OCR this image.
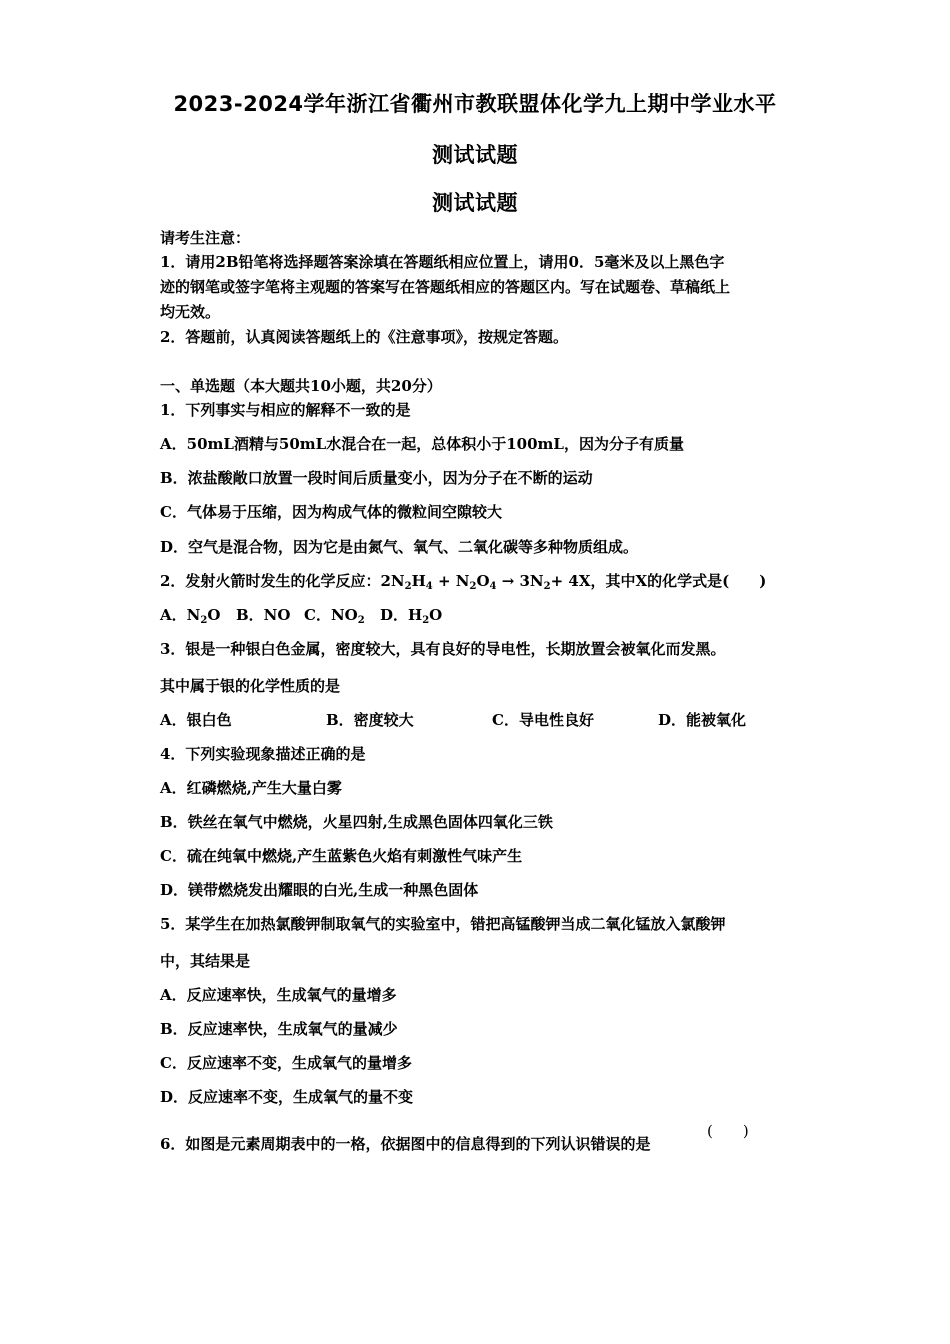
2023-2024学年浙江省衢州市教联盟体化学九上期中学业水平
测试试题
测试试题
请考生注意：
1．请用2B铅笔将选择题答案涂填在答题纸相应位置上，请用0．5毫米及以上黑色字
迹的钢笔或签字笔将主观题的答案写在答题纸相应的答题区内。写在试题卷、草稿纸上
均无效。
2．答题前，认真阅读答题纸上的《注意事项》，按规定答题。
一、单选题（本大题共10小题，共20分）
1．下列事实与相应的解释不一致的是
A．50mL酒精与50mL水混合在一起，总体积小于100mL，因为分子有质量
B．浓盐酸敞口放置一段时间后质量变小，因为分子在不断的运动
C．气体易于压缩，因为构成气体的微粒间空隙较大
D．空气是混合物，因为它是由氮气、氧气、二氧化碳等多种物质组成。
2．发射火箭时发生的化学反应：$2N_2H_4 + N_2O_4 \to 3N_2+ 4X$，其中X的化学式是(　　)
A．$N_2O$ B．NO C．$NO_2$ D．$H_2O$
3．银是一种银白色金属，密度较大，具有良好的导电性，长期放置会被氧化而发黑。
其中属于银的化学性质的是
A．银白色	B．密度较大	C．导电性良好	D．能被氧化
4．下列实验现象描述正确的是
A．红磷燃烧,产生大量白雾
B．铁丝在氧气中燃烧，火星四射,生成黑色固体四氧化三铁
C．硫在纯氧中燃烧,产生蓝紫色火焰有刺激性气味产生
D．镁带燃烧发出耀眼的白光,生成一种黑色固体
5．某学生在加热氯酸钾制取氧气的实验室中，错把高锰酸钾当成二氧化锰放入氯酸钾
中，其结果是
A．反应速率快，生成氧气的量增多
B．反应速率快，生成氧气的量减少
C．反应速率不变，生成氧气的量增多
D．反应速率不变，生成氧气的量不变
6．如图是元素周期表中的一格，依据图中的信息得到的下列认识错误的是
(　　)
